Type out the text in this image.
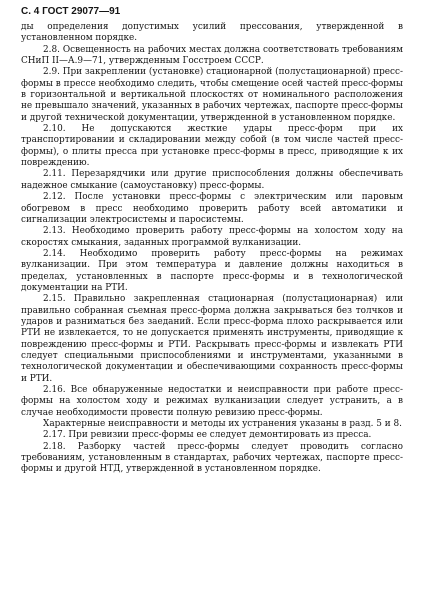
С. 4 ГОСТ 29077—91

ды определения допустимых усилий прессования, утвержденной в установленном порядке.

2.8. Освещенность на рабочих местах должна соответствовать требованиям СНиП II—А.9—71, утвержденным Госстроем СССР.

2.9. При закреплении (установке) стационарной (полустационарной) пресс-формы в прессе необходимо следить, чтобы смещение осей частей пресс-формы в горизонтальной и вертикальной плоскостях от номинального расположения не превышало значений, указанных в рабочих чертежах, паспорте пресс-формы и другой технической документации, утвержденной в установленном порядке.

2.10. Не допускаются жесткие удары пресс-форм при их транспортировании и складировании между собой (в том числе частей пресс-формы), о плиты пресса при установке пресс-формы в пресс, приводящие к их повреждению.

2.11. Перезарядчики или другие приспособления должны обеспечивать надежное смыкание (самоустановку) пресс-формы.

2.12. После установки пресс-формы с электрическим или паровым обогревом в пресс необходимо проверить работу всей автоматики и сигнализации электросистемы и паросистемы.

2.13. Необходимо проверить работу пресс-формы на холостом ходу на скоростях смыкания, заданных программой вулканизации.

2.14. Необходимо проверить работу пресс-формы на режимах вулканизации. При этом температура и давление должны находиться в пределах, установленных в паспорте пресс-формы и в технологической документации на РТИ.

2.15. Правильно закрепленная стационарная (полустационарная) или правильно собранная съемная пресс-форма должна закрываться без толчков и ударов и разниматься без заеданий. Если пресс-форма плохо раскрывается или РТИ не извлекается, то не допускается применять инструменты, приводящие к повреждению пресс-формы и РТИ. Раскрывать пресс-формы и извлекать РТИ следует специальными приспособлениями и инструментами, указанными в технологической документации и обеспечивающими сохранность пресс-формы и РТИ.

2.16. Все обнаруженные недостатки и неисправности при работе пресс-формы на холостом ходу и режимах вулканизации следует устранить, а в случае необходимости провести полную ревизию пресс-формы.

Характерные неисправности и методы их устранения указаны в разд. 5 и 8.

2.17. При ревизии пресс-формы ее следует демонтировать из пресса.

2.18. Разборку частей пресс-формы следует проводить согласно требованиям, установленным в стандартах, рабочих чертежах, паспорте пресс-формы и другой НТД, утвержденной в установленном порядке.
